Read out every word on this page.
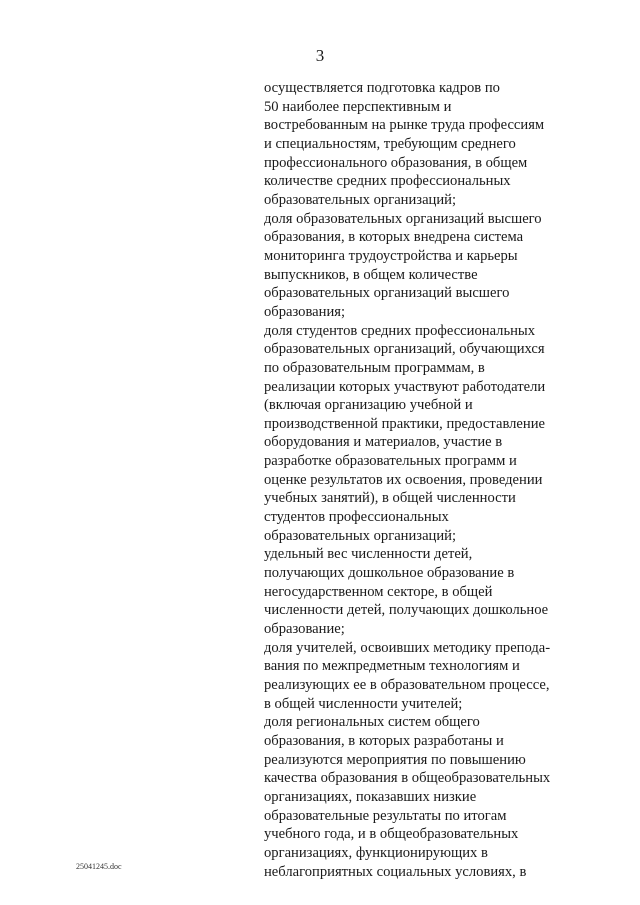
3
осуществляется подготовка кадров по
50 наиболее перспективным и
востребованным на рынке труда профессиям
и специальностям, требующим среднего
профессионального образования, в общем
количестве средних профессиональных
образовательных организаций;
доля образовательных организаций высшего
образования, в которых внедрена система
мониторинга трудоустройства и карьеры
выпускников, в общем количестве
образовательных организаций высшего
образования;
доля студентов средних профессиональных
образовательных организаций, обучающихся
по образовательным программам, в
реализации которых участвуют работодатели
(включая организацию учебной и
производственной практики, предоставление
оборудования и материалов, участие в
разработке образовательных программ и
оценке результатов их освоения, проведении
учебных занятий), в общей численности
студентов профессиональных
образовательных организаций;
удельный вес численности детей,
получающих дошкольное образование в
негосударственном секторе, в общей
численности детей, получающих дошкольное
образование;
доля учителей, освоивших методику препода-
вания по межпредметным технологиям и
реализующих ее в образовательном процессе,
в общей численности учителей;
доля региональных систем общего
образования, в которых разработаны и
реализуются мероприятия по повышению
качества образования в общеобразовательных
организациях, показавших низкие
образовательные результаты по итогам
учебного года, и в общеобразовательных
организациях, функционирующих в
неблагоприятных социальных условиях, в
25041245.doc
